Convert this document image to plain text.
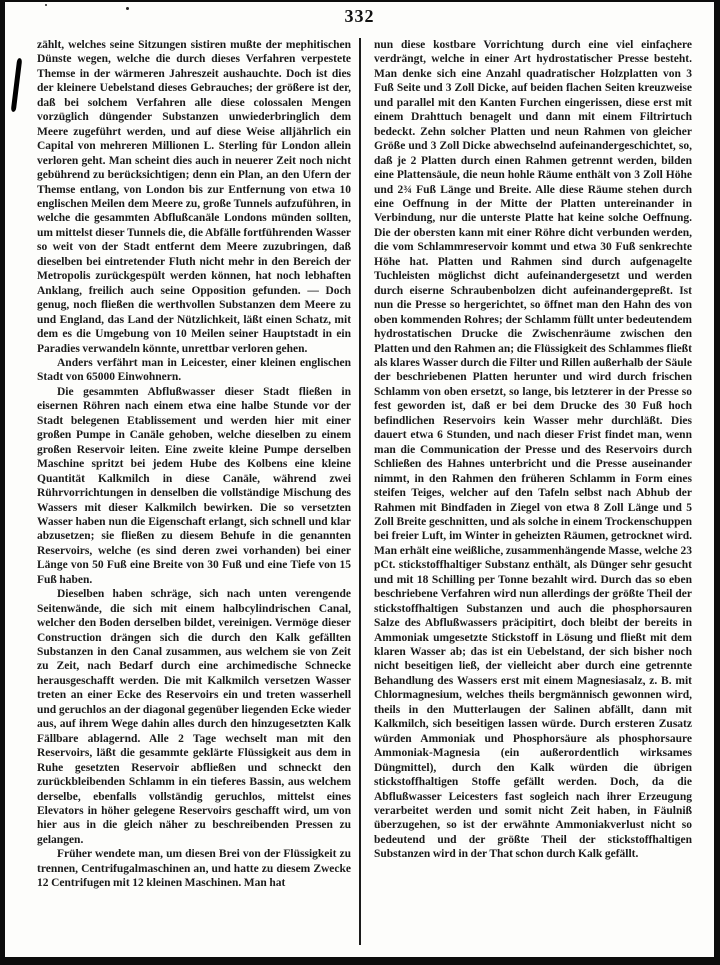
332

zählt, welches seine Sitzungen sistiren mußte der mephitischen Dünste wegen, welche die durch dieses Verfahren verpestete Themse in der wärmeren Jahreszeit aushauchte. Doch ist dies der kleinere Uebelstand dieses Gebrauches; der größere ist der, daß bei solchem Verfahren alle diese colossalen Mengen vorzüglich düngender Substanzen unwiederbringlich dem Meere zugeführt werden, und auf diese Weise alljährlich ein Capital von mehreren Millionen L. Sterling für London allein verloren geht. Man scheint dies auch in neuerer Zeit noch nicht gebührend zu berücksichtigen; denn ein Plan, an den Ufern der Themse entlang, von London bis zur Entfernung von etwa 10 englischen Meilen dem Meere zu, große Tunnels aufzuführen, in welche die gesammten Abflußcanäle Londons münden sollten, um mittelst dieser Tunnels die, die Abfälle fortführenden Wasser so weit von der Stadt entfernt dem Meere zuzubringen, daß dieselben bei eintretender Fluth nicht mehr in den Bereich der Metropolis zurückgespült werden können, hat noch lebhaften Anklang, freilich auch seine Opposition gefunden. — Doch genug, noch fließen die werthvollen Substanzen dem Meere zu und England, das Land der Nützlichkeit, läßt einen Schatz, mit dem es die Umgebung von 10 Meilen seiner Hauptstadt in ein Paradies verwandeln könnte, unrettbar verloren gehen.

Anders verfährt man in Leicester, einer kleinen englischen Stadt von 65000 Einwohnern.

Die gesammten Abflußwasser dieser Stadt fließen in eisernen Röhren nach einem etwa eine halbe Stunde vor der Stadt belegenen Etablissement und werden hier mit einer großen Pumpe in Canäle gehoben, welche dieselben zu einem großen Reservoir leiten. Eine zweite kleine Pumpe derselben Maschine spritzt bei jedem Hube des Kolbens eine kleine Quantität Kalkmilch in diese Canäle, während zwei Rührvorrichtungen in denselben die vollständige Mischung des Wassers mit dieser Kalkmilch bewirken. Die so versetzten Wasser haben nun die Eigenschaft erlangt, sich schnell und klar abzusetzen; sie fließen zu diesem Behufe in die genannten Reservoirs, welche (es sind deren zwei vorhanden) bei einer Länge von 50 Fuß eine Breite von 30 Fuß und eine Tiefe von 15 Fuß haben.

Dieselben haben schräge, sich nach unten verengende Seitenwände, die sich mit einem halbcylindrischen Canal, welcher den Boden derselben bildet, vereinigen. Vermöge dieser Construction drängen sich die durch den Kalk gefällten Substanzen in den Canal zusammen, aus welchem sie von Zeit zu Zeit, nach Bedarf durch eine archimedische Schnecke herausgeschafft werden. Die mit Kalkmilch versetzen Wasser treten an einer Ecke des Reservoirs ein und treten wasserhell und geruchlos an der diagonal gegenüber liegenden Ecke wieder aus, auf ihrem Wege dahin alles durch den hinzugesetzten Kalk Fällbare ablagernd. Alle 2 Tage wechselt man mit den Reservoirs, läßt die gesammte geklärte Flüssigkeit aus dem in Ruhe gesetzten Reservoir abfließen und schneckt den zurückbleibenden Schlamm in ein tieferes Bassin, aus welchem derselbe, ebenfalls vollständig geruchlos, mittelst eines Elevators in höher gelegene Reservoirs geschafft wird, um von hier aus in die gleich näher zu beschreibenden Pressen zu gelangen.

Früher wendete man, um diesen Brei von der Flüssigkeit zu trennen, Centrifugalmaschinen an, und hatte zu diesem Zwecke 12 Centrifugen mit 12 kleinen Maschinen. Man hat

nun diese kostbare Vorrichtung durch eine viel einfachere verdrängt, welche in einer Art hydrostatischer Presse besteht. Man denke sich eine Anzahl quadratischer Holzplatten von 3 Fuß Seite und 3 Zoll Dicke, auf beiden flachen Seiten kreuzweise und parallel mit den Kanten Furchen eingerissen, diese erst mit einem Drahttuch benagelt und dann mit einem Filtrirtuch bedeckt. Zehn solcher Platten und neun Rahmen von gleicher Größe und 3 Zoll Dicke abwechselnd aufeinandergeschichtet, so, daß je 2 Platten durch einen Rahmen getrennt werden, bilden eine Plattensäule, die neun hohle Räume enthält von 3 Zoll Höhe und 2¾ Fuß Länge und Breite. Alle diese Räume stehen durch eine Oeffnung in der Mitte der Platten untereinander in Verbindung, nur die unterste Platte hat keine solche Oeffnung. Die der obersten kann mit einer Röhre dicht verbunden werden, die vom Schlammreservoir kommt und etwa 30 Fuß senkrechte Höhe hat. Platten und Rahmen sind durch aufgenagelte Tuchleisten möglichst dicht aufeinandergesetzt und werden durch eiserne Schraubenbolzen dicht aufeinandergepreßt. Ist nun die Presse so hergerichtet, so öffnet man den Hahn des von oben kommenden Rohres; der Schlamm füllt unter bedeutendem hydrostatischen Drucke die Zwischenräume zwischen den Platten und den Rahmen an; die Flüssigkeit des Schlammes fließt als klares Wasser durch die Filter und Rillen außerhalb der Säule der beschriebenen Platten herunter und wird durch frischen Schlamm von oben ersetzt, so lange, bis letzterer in der Presse so fest geworden ist, daß er bei dem Drucke des 30 Fuß hoch befindlichen Reservoirs kein Wasser mehr durchläßt. Dies dauert etwa 6 Stunden, und nach dieser Frist findet man, wenn man die Communication der Presse und des Reservoirs durch Schließen des Hahnes unterbricht und die Presse auseinander nimmt, in den Rahmen den früheren Schlamm in Form eines steifen Teiges, welcher auf den Tafeln selbst nach Abhub der Rahmen mit Bindfaden in Ziegel von etwa 8 Zoll Länge und 5 Zoll Breite geschnitten, und als solche in einem Trockenschuppen bei freier Luft, im Winter in geheizten Räumen, getrocknet wird. Man erhält eine weißliche, zusammenhängende Masse, welche 23 pCt. stickstoffhaltiger Substanz enthält, als Dünger sehr gesucht und mit 18 Schilling per Tonne bezahlt wird. Durch das so eben beschriebene Verfahren wird nun allerdings der größte Theil der stickstoffhaltigen Substanzen und auch die phosphorsauren Salze des Abflußwassers präcipitirt, doch bleibt der bereits in Ammoniak umgesetzte Stickstoff in Lösung und fließt mit dem klaren Wasser ab; das ist ein Uebelstand, der sich bisher noch nicht beseitigen ließ, der vielleicht aber durch eine getrennte Behandlung des Wassers erst mit einem Magnesiasalz, z. B. mit Chlormagnesium, welches theils bergmännisch gewonnen wird, theils in den Mutterlaugen der Salinen abfällt, dann mit Kalkmilch, sich beseitigen lassen würde. Durch ersteren Zusatz würden Ammoniak und Phosphorsäure als phosphorsaure Ammoniak-Magnesia (ein außerordentlich wirksames Düngmittel), durch den Kalk würden die übrigen stickstoffhaltigen Stoffe gefällt werden. Doch, da die Abflußwasser Leicesters fast sogleich nach ihrer Erzeugung verarbeitet werden und somit nicht Zeit haben, in Fäulniß überzugehen, so ist der erwähnte Ammoniakverlust nicht so bedeutend und der größte Theil der stickstoffhaltigen Substanzen wird in der That schon durch Kalk gefällt.
